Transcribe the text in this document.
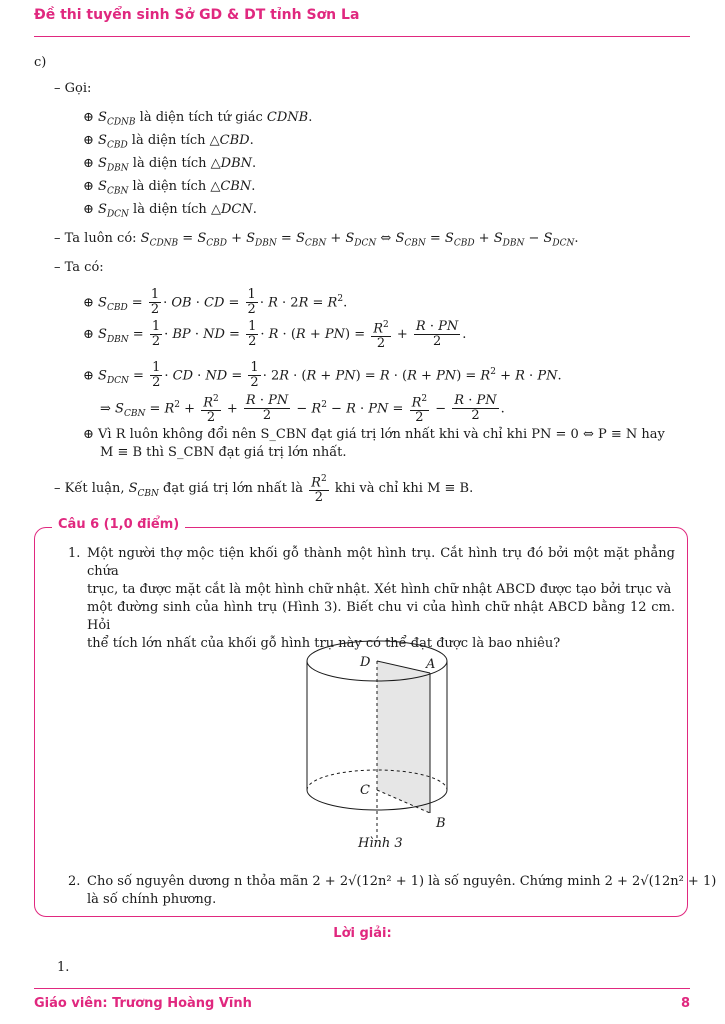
Đề thi tuyển sinh Sở GD & DT tỉnh Sơn La
c)
– Gọi:
⊕ $S_{CDNB}$ là diện tích tứ giác CDNB.
⊕ $S_{CBD}$ là diện tích △CBD.
⊕ $S_{DBN}$ là diện tích △DBN.
⊕ $S_{CBN}$ là diện tích △CBN.
⊕ $S_{DCN}$ là diện tích △DCN.
– Ta luôn có: $S_{CDNB} = S_{CBD} + S_{DBN} = S_{CBN} + S_{DCN}$ ⇔ $S_{CBN} = S_{CBD} + S_{DBN} - S_{DCN}$.
– Ta có:
⊕ $S_{CBD} = \frac{1}{2}$ · OB · CD = $\frac{1}{2} \cdot R \cdot 2R = R^2$.
⊕ $S_{DBN} = \frac{1}{2}$ · BP · ND = $\frac{1}{2} \cdot R \cdot (R + PN) = \frac{R^2}{2} + \frac{R \cdot PN}{2}$ .
⊕ $S_{DCN} = \frac{1}{2}$ · CD · ND = $\frac{1}{2} \cdot 2R \cdot (R + PN) = R \cdot (R + PN) = R^2 + R$ · PN.
⇒ $S_{CBN} = R^2 + \frac{R^2}{2} + \frac{R \cdot PN}{2} - R^2 - R$ · PN = $\frac{R^2}{2} - \frac{R \cdot PN}{2}$ .
⊕ Vì R luôn không đổi nên S_CBN đạt giá trị lớn nhất khi và chỉ khi PN = 0 ⇔ P ≡ N hay
M ≡ B thì S_CBN đạt giá trị lớn nhất.
– Kết luận, $S_{CBN}$ đạt giá trị lớn nhất là $\frac{R^2}{2}$ khi và chỉ khi M ≡ B.
Câu 6 (1,0 điểm)
1. Một người thợ mộc tiện khối gỗ thành một hình trụ. Cắt hình trụ đó bởi một mặt phẳng chứa
trục, ta được mặt cắt là một hình chữ nhật. Xét hình chữ nhật ABCD được tạo bởi trục và
một đường sinh của hình trụ (Hình 3). Biết chu vi của hình chữ nhật ABCD bằng 12 cm. Hỏi
thể tích lớn nhất của khối gỗ hình trụ này có thể đạt được là bao nhiêu?
D	A
C
B
Hình 3
2. Cho số nguyên dương n thỏa mãn 2 + 2√(12n² + 1) là số nguyên. Chứng minh 2 + 2√(12n² + 1)
là số chính phương.
Lời giải:
1.
Giáo viên: Trương Hoàng Vĩnh	8
